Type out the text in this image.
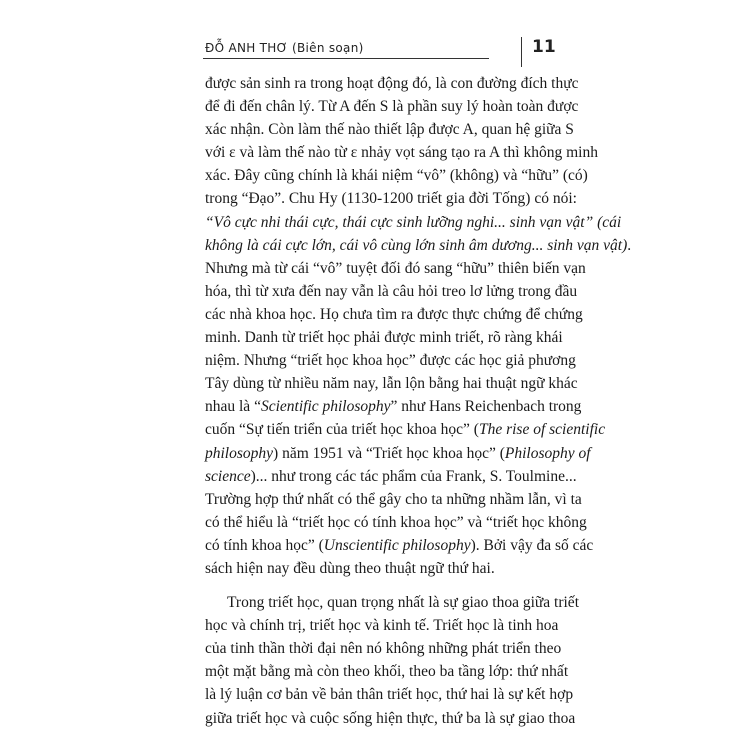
ĐỖ ANH THƠ (Biên soạn)	11
được sản sinh ra trong hoạt động đó, là con đường đích thực
để đi đến chân lý. Từ A đến S là phần suy lý hoàn toàn được
xác nhận. Còn làm thế nào thiết lập được A, quan hệ giữa S
với ε và làm thế nào từ ε nhảy vọt sáng tạo ra A thì không minh
xác. Đây cũng chính là khái niệm “vô” (không) và “hữu” (có)
trong “Đạo”. Chu Hy (1130-1200 triết gia đời Tống) có nói:
“Vô cực nhi thái cực, thái cực sinh lưỡng nghi... sinh vạn vật” (cái
không là cái cực lớn, cái vô cùng lớn sinh âm dương... sinh vạn vật).
Nhưng mà từ cái “vô” tuyệt đối đó sang “hữu” thiên biến vạn
hóa, thì từ xưa đến nay vẫn là câu hỏi treo lơ lửng trong đầu
các nhà khoa học. Họ chưa tìm ra được thực chứng để chứng
minh. Danh từ triết học phải được minh triết, rõ ràng khái
niệm. Nhưng “triết học khoa học” được các học giả phương
Tây dùng từ nhiều năm nay, lẫn lộn bằng hai thuật ngữ khác
nhau là “Scientific philosophy” như Hans Reichenbach trong
cuốn “Sự tiến triển của triết học khoa học” (The rise of scientific
philosophy) năm 1951 và “Triết học khoa học” (Philosophy of
science)... như trong các tác phẩm của Frank, S. Toulmine...
Trường hợp thứ nhất có thể gây cho ta những nhầm lẫn, vì ta
có thể hiểu là “triết học có tính khoa học” và “triết học không
có tính khoa học” (Unscientific philosophy). Bởi vậy đa số các
sách hiện nay đều dùng theo thuật ngữ thứ hai.
Trong triết học, quan trọng nhất là sự giao thoa giữa triết
học và chính trị, triết học và kinh tế. Triết học là tinh hoa
của tinh thần thời đại nên nó không những phát triển theo
một mặt bằng mà còn theo khối, theo ba tầng lớp: thứ nhất
là lý luận cơ bản về bản thân triết học, thứ hai là sự kết hợp
giữa triết học và cuộc sống hiện thực, thứ ba là sự giao thoa
